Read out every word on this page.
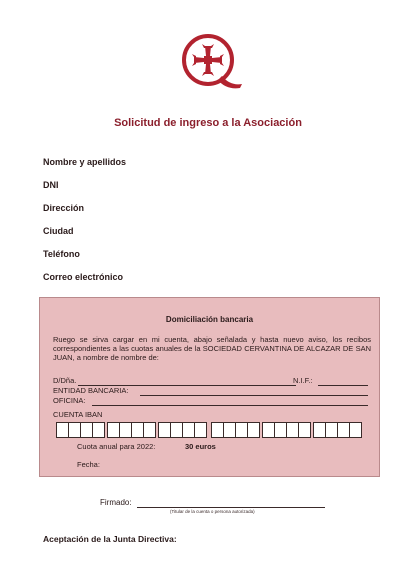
Solicitud de ingreso a la Asociación
Nombre y apellidos
DNI
Dirección
Ciudad
Teléfono
Correo electrónico
Domiciliación bancaria
Ruego se sirva cargar en mi cuenta, abajo señalada y hasta nuevo aviso, los recibos correspondientes a las cuotas anuales de la SOCIEDAD CERVANTINA DE ALCAZAR DE SAN JUAN, a nombre de nombre de:
D/Dña.	N.I.F.:
ENTIDAD BANCARIA:
OFICINA:
CUENTA IBAN
Cuota anual para 2022:	30 euros
Fecha:
Firmado:
(Titular de la cuenta o persona autorizada)
Aceptación de la Junta Directiva:
